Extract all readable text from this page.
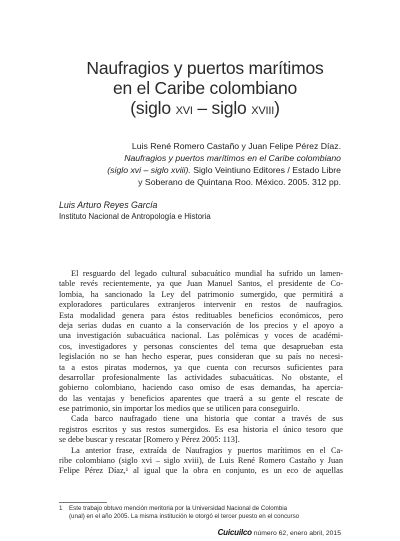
Naufragios y puertos marítimos
en el Caribe colombiano
(siglo XVI – siglo XVIII)
Luis René Romero Castaño y Juan Felipe Pérez Díaz.
Naufragios y puertos marítimos en el Caribe colombiano
(siglo xvi – siglo xviii). Siglo Veintiuno Editores / Estado Libre
y Soberano de Quintana Roo. México. 2005. 312 pp.
Luis Arturo Reyes García
Instituto Nacional de Antropología e Historia
El resguardo del legado cultural subacuático mundial ha sufrido un lamen-
table revés recientemente, ya que Juan Manuel Santos, el presidente de Co-
lombia, ha sancionado la Ley del patrimonio sumergido, que permitirá a
exploradores particulares extranjeros intervenir en restos de naufragios.
Esta modalidad genera para éstos redituables beneficios económicos, pero
deja serias dudas en cuanto a la conservación de los precios y el apoyo a
una investigación subacuática nacional. Las polémicas y voces de académi-
cos, investigadores y personas conscientes del tema que desaprueban esta
legislación no se han hecho esperar, pues consideran que su país no necesi-
ta a estos piratas modernos, ya que cuenta con recursos suficientes para
desarrollar profesionalmente las actividades subacuáticas. No obstante, el
gobierno colombiano, haciendo caso omiso de esas demandas, ha apercia-
do las ventajas y beneficios aparentes que traerá a su gente el rescate de
ese patrimonio, sin importar los medios que se utilicen para conseguirlo.
Cada barco naufragado tiene una historia que contar a través de sus
registros escritos y sus restos sumergidos. Es esa historia el único tesoro que
se debe buscar y rescatar [Romero y Pérez 2005: 113].
La anterior frase, extraída de Naufragios y puertos marítimos en el Ca-
ribe colombiano (siglo xvi – siglo xviii), de Luis René Romero Castaño y Juan
Felipe Pérez Díaz,¹ al igual que la obra en conjunto, es un eco de aquellas
1 Este trabajo obtuvo mención meritoria por la Universidad Nacional de Colombia
(unal) en el año 2005. La misma institución le otorgó el tercer puesto en el concurso
Cuicuilco número 62, enero abril, 2015
